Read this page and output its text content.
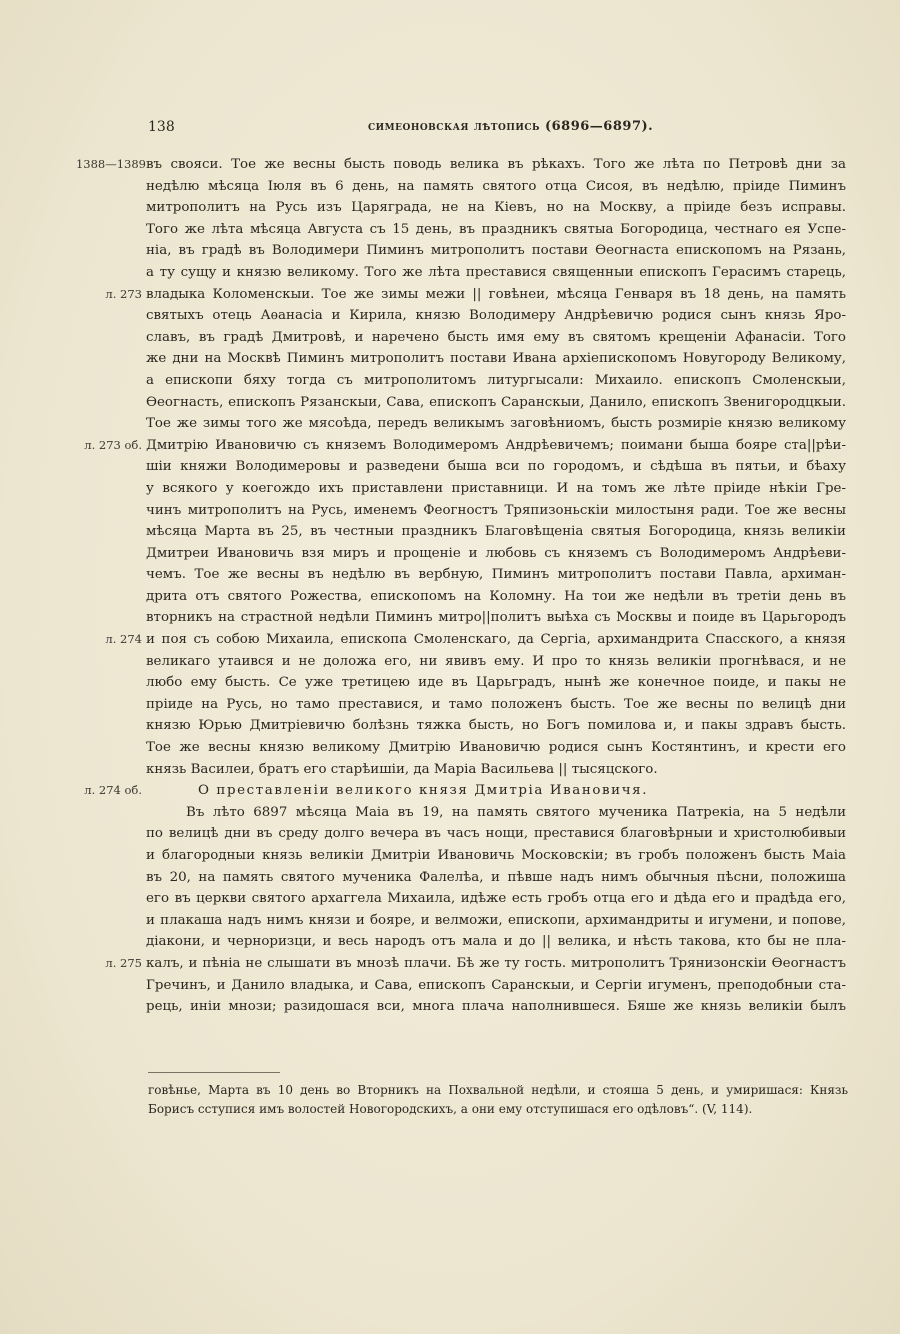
138	симеоновская лѣтопись (6896—6897).
1388—1389
л. 273
л. 273 об.
л. 274
л. 274 об.
л. 275
въ свояси. Тое же весны бысть поводь велика въ рѣкахъ. Того же лѣта по Петровѣ дни за
недѣлю мѣсяца Іюля въ 6 день, на память святого отца Сисоя, въ недѣлю, пріиде Пиминъ
митрополитъ на Русь изъ Царяграда, не на Кіевъ, но на Москву, а пріиде безъ исправы.
Того же лѣта мѣсяца Августа съ 15 день, въ праздникъ святыа Богородица, честнаго ея Успе-
ніа, въ градѣ въ Володимери Пиминъ митрополитъ постави Ѳеогнаста епископомъ на Рязань,
а ту сущу и князю великому. Того же лѣта преставися священныи епископъ Герасимъ старець,
владыка Коломенскыи. Тое же зимы межи || говѣнеи, мѣсяца Генваря въ 18 день, на память
святыхъ отець Аѳанасіа и Кирила, князю Володимеру Андрѣевичю родися сынъ князь Яро-
славъ, въ градѣ Дмитровѣ, и наречено бысть имя ему въ святомъ крещеніи Афанасіи. Того
же дни на Москвѣ Пиминъ митрополитъ постави Ивана архіепископомъ Новугороду Великому,
а епископи бяху тогда съ митрополитомъ литургысали: Михаило. епископъ Смоленскыи,
Ѳеогнасть, епископъ Рязанскыи, Сава, епископъ Сарaнскыи, Данило, епископъ Звенигородцкыи.
Тое же зимы того же мясоѣда, передъ великымъ заговѣниомъ, бысть розмиріе князю великому
Дмитрію Ивановичю съ княземъ Володимеромъ Андрѣевичемъ; поимани быша бояре ста||рѣи-
шіи княжи Володимеровы и разведени быша вси по городомъ, и сѣдѣша въ пятьи, и бѣаху
у всякого у коегождо ихъ приставлени приставници. И на томъ же лѣте пріиде нѣкіи Гре-
чинъ митрополитъ на Русь, именемъ Феогностъ Тряпизоньскіи милостыня ради. Тое же весны
мѣсяца Марта въ 25, въ честныи праздникъ Благовѣщеніа святыя Богородица, князь великіи
Дмитреи Ивановичь взя миръ и прощеніе и любовь съ княземъ съ Володимеромъ Андрѣеви-
чемъ. Тое же весны въ недѣлю въ вербную, Пиминъ митрополитъ постави Павла, архиман-
дрита отъ святого Рожества, епископомъ на Коломну. На тои же недѣли въ третіи день въ
вторникъ на страстной недѣли Пиминъ митро||политъ выѣха съ Москвы и поиде въ Царьгородъ
и поя съ собою Михаила, епископа Смоленскаго, да Сергіа, архимандрита Спасского, а князя
великаго утаився и не доложа его, ни явивъ ему. И про то князь великіи прогнѣвася, и не
любо ему бысть. Се уже третицею иде въ Царьградъ, нынѣ же конечное поиде, и пакы не
пріиде на Русь, но тамо преставися, и тамо положенъ бысть. Тое же весны по велицѣ дни
князю Юрью Дмитріевичю болѣзнь тяжка бысть, но Богъ помилова и, и пакы здравъ бысть.
Тое же весны князю великому Дмитрію Ивановичю родися сынъ Костянтинъ, и крести его
князь Василеи, братъ его старѣишіи, да Маріа Васильева || тысяцского.
О преставленіи великого князя Дмитріа Ивановичя.
Въ лѣто 6897 мѣсяца Маіа въ 19, на память святого мученика Патрекіа, на 5 недѣли
по велицѣ дни въ среду долго вечера въ часъ нощи, преставися благовѣрныи и христолюбивыи
и благородныи князь великіи Дмитріи Ивановичь Московскіи; въ гробъ положенъ бысть Маіа
въ 20, на память святого мученика Фалелѣа, и пѣвше надъ нимъ обычныя пѣсни, положиша
его въ церкви святого архаггела Михаила, идѣже есть гробъ отца его и дѣда его и прадѣда его,
и плакаша надъ нимъ князи и бояре, и велможи, епископи, архимандриты и игумени, и попове,
діакони, и черноризци, и весь народъ отъ мала и до || велика, и нѣсть такова, кто бы не пла-
калъ, и пѣніа не слышати въ мнозѣ плачи. Бѣ же ту гость. митрополитъ Трянизонскіи Ѳеогнастъ
Гречинъ, и Данило владыка, и Сава, епископъ Сарaнскыи, и Сергіи игуменъ, преподобныи ста-
рець, иніи мнози; разидошася вси, многа плача наполнившеся. Бяше же князь великіи былъ
говѣнье, Марта въ 10 день во Вторникъ на Похвальной недѣли, и стояша 5 день, и умиришася: Князь
Борисъ сступися имъ волостей Новогородскихъ, а они ему отступишася его одѣловъ“. (V, 114).
